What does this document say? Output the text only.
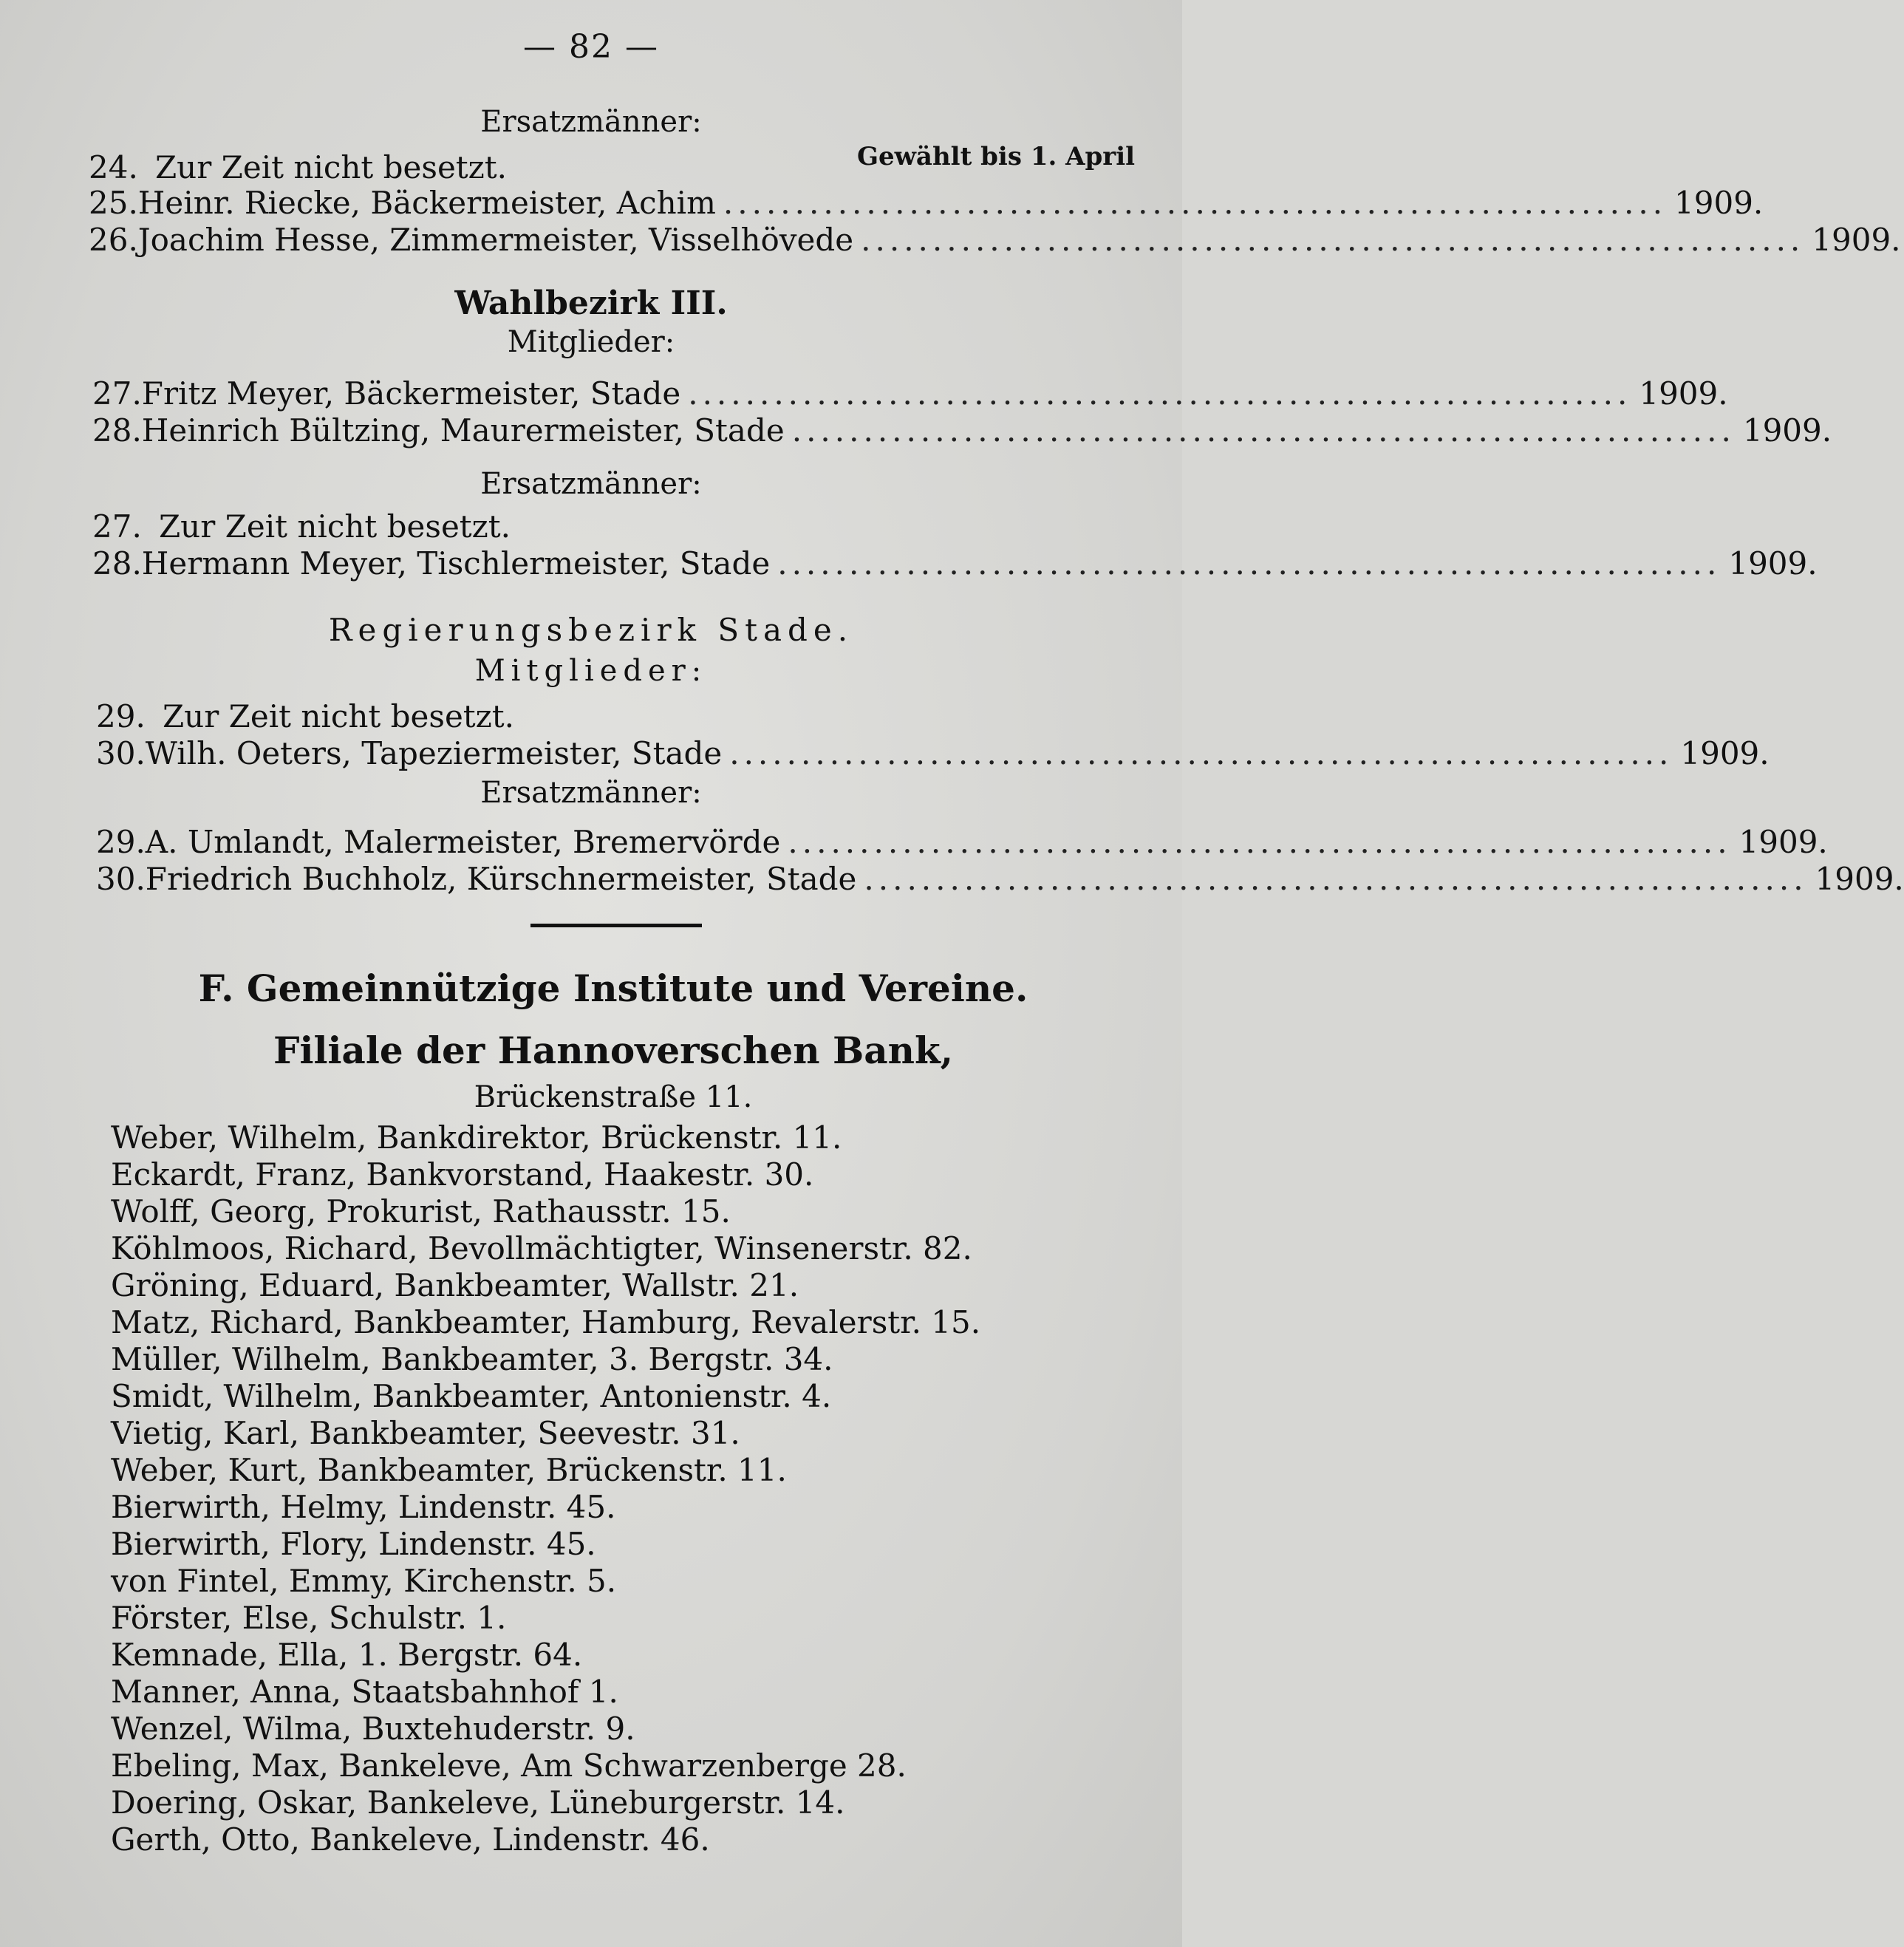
— 82 —
Ersatzmänner:
Gewählt bis 1. April
24. Zur Zeit nicht besetzt.
25. Heinr. Riecke, Bäckermeister, Achim .................................................................. 1909.
26. Joachim Hesse, Zimmermeister, Visselhövede .................................................................. 1909.
Wahlbezirk III.
Mitglieder:
27. Fritz Meyer, Bäckermeister, Stade .................................................................. 1909.
28. Heinrich Bültzing, Maurermeister, Stade .................................................................. 1909.
Ersatzmänner:
27. Zur Zeit nicht besetzt.
28. Hermann Meyer, Tischlermeister, Stade .................................................................. 1909.
Regierungsbezirk Stade.
Mitglieder:
29. Zur Zeit nicht besetzt.
30. Wilh. Oeters, Tapeziermeister, Stade .................................................................. 1909.
Ersatzmänner:
29. A. Umlandt, Malermeister, Bremervörde .................................................................. 1909.
30. Friedrich Buchholz, Kürschnermeister, Stade .................................................................. 1909.
F. Gemeinnützige Institute und Vereine.
Filiale der Hannoverschen Bank,
Brückenstraße 11.
Weber, Wilhelm, Bankdirektor, Brückenstr. 11.
Eckardt, Franz, Bankvorstand, Haakestr. 30.
Wolff, Georg, Prokurist, Rathausstr. 15.
Köhlmoos, Richard, Bevollmächtigter, Winsenerstr. 82.
Gröning, Eduard, Bankbeamter, Wallstr. 21.
Matz, Richard, Bankbeamter, Hamburg, Revalerstr. 15.
Müller, Wilhelm, Bankbeamter, 3. Bergstr. 34.
Smidt, Wilhelm, Bankbeamter, Antonienstr. 4.
Vietig, Karl, Bankbeamter, Seevestr. 31.
Weber, Kurt, Bankbeamter, Brückenstr. 11.
Bierwirth, Helmy, Lindenstr. 45.
Bierwirth, Flory, Lindenstr. 45.
von Fintel, Emmy, Kirchenstr. 5.
Förster, Else, Schulstr. 1.
Kemnade, Ella, 1. Bergstr. 64.
Manner, Anna, Staatsbahnhof 1.
Wenzel, Wilma, Buxtehuderstr. 9.
Ebeling, Max, Bankeleve, Am Schwarzenberge 28.
Doering, Oskar, Bankeleve, Lüneburgerstr. 14.
Gerth, Otto, Bankeleve, Lindenstr. 46.
